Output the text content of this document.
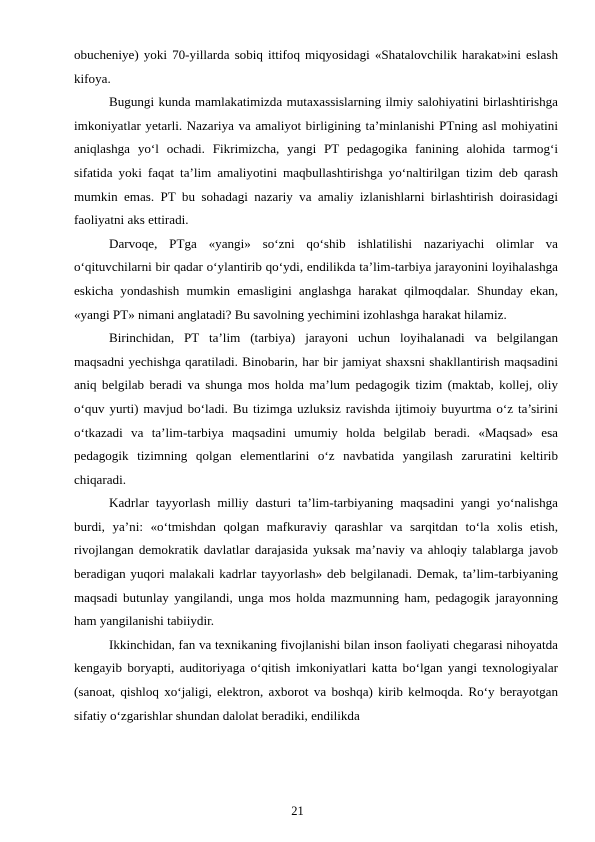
obucheniye) yoki 70-yillarda sobiq ittifoq miqyosidagi «Shatalovchilik harakat»ini eslash kifoya.

Bugungi kunda mamlakatimizda mutaxassislarning ilmiy salohiyatini birlashtirishga imkoniyatlar yetarli. Nazariya va amaliyot birligining ta’minlanishi PTning asl mohiyatini aniqlashga yo‘l ochadi. Fikrimizcha, yangi PT pedagogika fanining alohida tarmog‘i sifatida yoki faqat ta’lim amaliyotini maqbullashtirishga yo‘naltirilgan tizim deb qarash mumkin emas. PT bu sohadagi nazariy va amaliy izlanishlarni birlashtirish doirasidagi faoliyatni aks ettiradi.

Darvoqe, PTga «yangi» so‘zni qo‘shib ishlatilishi nazariyachi olimlar va o‘qituvchilarni bir qadar o‘ylantirib qo‘ydi, endilikda ta’lim-tarbiya jarayonini loyihalashga eskicha yondashish mumkin emasligini anglashga harakat qilmoqdalar. Shunday ekan, «yangi PT» nimani anglatadi? Bu savolning yechimini izohlashga harakat hilamiz.

Birinchidan, PT ta’lim (tarbiya) jarayoni uchun loyihalanadi va belgilangan maqsadni yechishga qaratiladi. Binobarin, har bir jamiyat shaxsni shakllantirish maqsadini aniq belgilab beradi va shunga mos holda ma’lum pedagogik tizim (maktab, kollej, oliy o‘quv yurti) mavjud bo‘ladi. Bu tizimga uzluksiz ravishda ijtimoiy buyurtma o‘z ta’sirini o‘tkazadi va ta’lim-tarbiya maqsadini umumiy holda belgilab beradi. «Maqsad» esa pedagogik tizimning qolgan elementlarini o‘z navbatida yangilash zaruratini keltirib chiqaradi.

Kadrlar tayyorlash milliy dasturi ta’lim-tarbiyaning maqsadini yangi yo‘nalishga burdi, ya’ni: «o‘tmishdan qolgan mafkuraviy qarashlar va sarqitdan to‘la xolis etish, rivojlangan demokratik davlatlar darajasida yuksak ma’naviy va ahloqiy talablarga javob beradigan yuqori malakali kadrlar tayyorlash» deb belgilanadi. Demak, ta’lim-tarbiyaning maqsadi butunlay yangilandi, unga mos holda mazmunning ham, pedagogik jarayonning ham yangilanishi tabiiydir.

Ikkinchidan, fan va texnikaning fivojlanishi bilan inson faoliyati chegarasi nihoyatda kengayib boryapti, auditoriyaga o‘qitish imkoniyatlari katta bo‘lgan yangi texnologiyalar (sanoat, qishloq xo‘jaligi, elektron, axborot va boshqa) kirib kelmoqda. Ro‘y berayotgan sifatiy o‘zgarishlar shundan dalolat beradiki, endilikda

21
